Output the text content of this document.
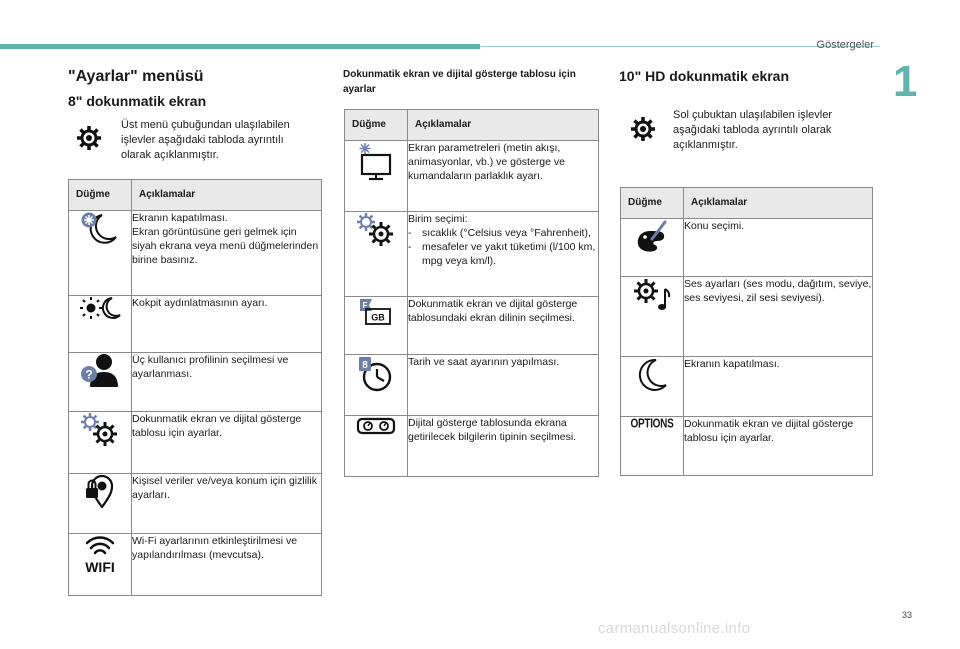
Göstergeler
1
33
carmanualsonline.info
"Ayarlar" menüsü
8" dokunmatik ekran
Üst menü çubuğundan ulaşılabilen işlevler aşağıdaki tabloda ayrıntılı olarak açıklanmıştır.
Düğme	Açıklamalar

Ekranın kapatılması.
Ekran görüntüsüne geri gelmek için siyah ekrana veya menü düğmelerinden birine basınız.

Kokpit aydınlatmasının ayarı.

?	Üç kullanıcı profilinin seçilmesi ve ayarlanması.

Dokunmatik ekran ve dijital gösterge tablosu için ayarlar.

Kişisel veriler ve/veya konum için gizlilik ayarları.

WIFI	Wi-Fi ayarlarının etkinleştirilmesi ve yapılandırılması (mevcutsa).
Dokunmatik ekran ve dijital gösterge tablosu için ayarlar
Düğme	Açıklamalar

Ekran parametreleri (metin akışı, animasyonlar, vb.) ve gösterge ve kumandaların parlaklık ayarı.

Birim seçimi:
- sıcaklık (°Celsius veya °Fahrenheit),
- mesafeler ve yakıt tüketimi (l/100 km, mpg veya km/l).

F
GB	Dokunmatik ekran ve dijital gösterge tablosundaki ekran dilinin seçilmesi.

8	Tarih ve saat ayarının yapılması.

Dijital gösterge tablosunda ekrana getirilecek bilgilerin tipinin seçilmesi.
10" HD dokunmatik ekran
Sol çubuktan ulaşılabilen işlevler aşağıdaki tabloda ayrıntılı olarak açıklanmıştır.
Düğme	Açıklamalar

Konu seçimi.

Ses ayarları (ses modu, dağıtım, seviye, ses seviyesi, zil sesi seviyesi).

Ekranın kapatılması.

OPTIONS	Dokunmatik ekran ve dijital gösterge tablosu için ayarlar.
